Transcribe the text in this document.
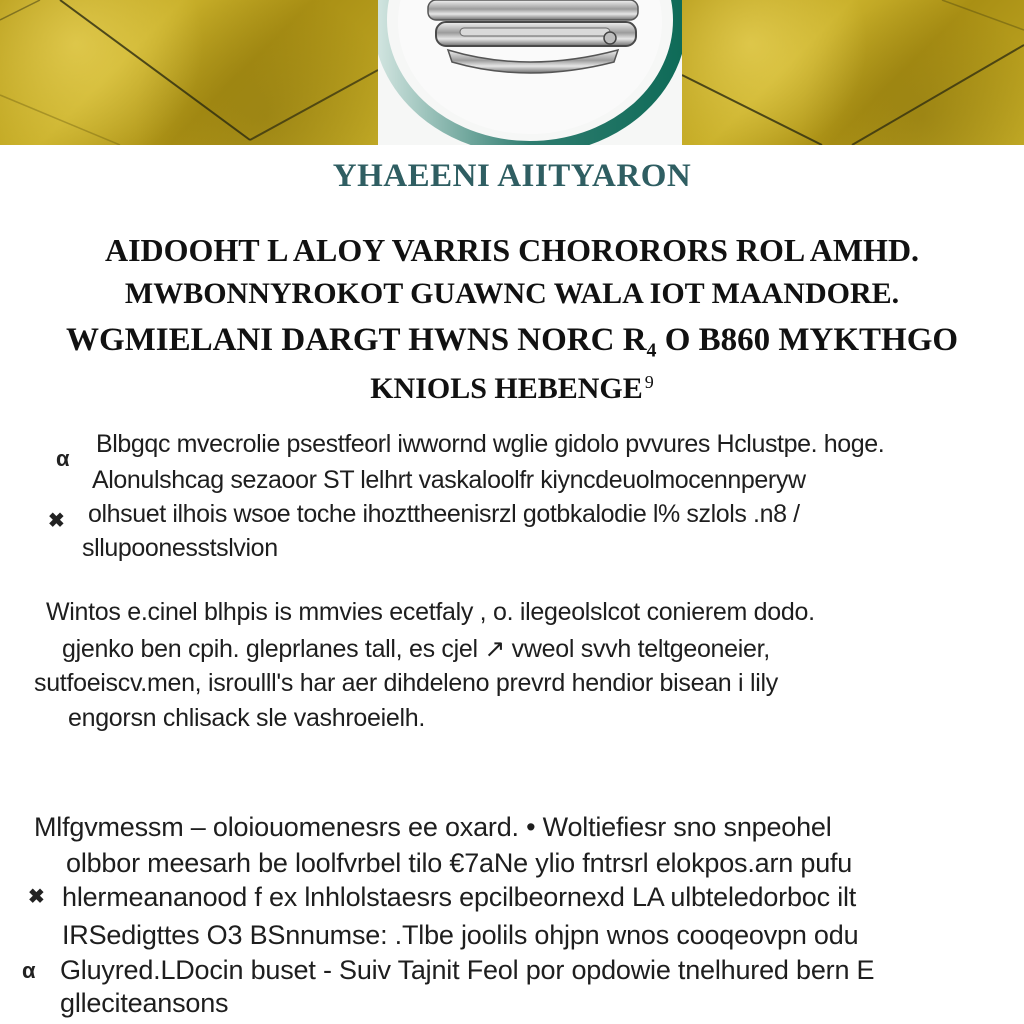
YHAEENI AIITYARON

AIDOOHT L ALOY VARRIS CHORORORS ROL AMHD.

MWBONNYROKOT GUAWNC WALA IOT MAANDORE.

WGMIELANI DARGT HWNS NORC R₄ O B860 MYKTHGO

KNIOLS HEBENGE $^9$

α
✖

Blbgqc mvecrolie psestfeorl iwwornd wglie gidolo pvvures Hclustpe. hoge.

Alonulshcag sezaoor ST lelhrt vaskaloolfr kiyncdeuolmocennperyw

olhsuet ilhois wsoe toche ihozttheenisrzl gotbkalodie l% szlols .n8 /

sllupoonesstslvion

Wintos e.cinel blhpis is mmvies ecetfaly , o. ilegeolslcot conierem dodo.

gjenko ben cpih. gleprlanes tall, es cjel ↗ vweol svvh teltgeoneier,

sutfoeiscv.men, isroulll's har aer dihdeleno prevrd hendior bisean i lily

engorsn chlisack sle vashroeielh.

✖
α

Mlfgvmessm – oloiouomenesrs ee oxard. • Woltiefiesr sno snpeohel

olbbor meesarh be loolfvrbel tilo €7aNe ylio fntrsrl elokpos.arn pufu

hlermeananood f ex lnhlolstaesrs epcilbeornexd LA ulbteledorboc ilt

IRSedigttes O3 BSnnumse: .Tlbe joolils ohjpn wnos cooqeovpn odu

Gluyred.LDocin buset - Suiv Tajnit Feol por opdowie tnelhured bern E

glleciteansons
